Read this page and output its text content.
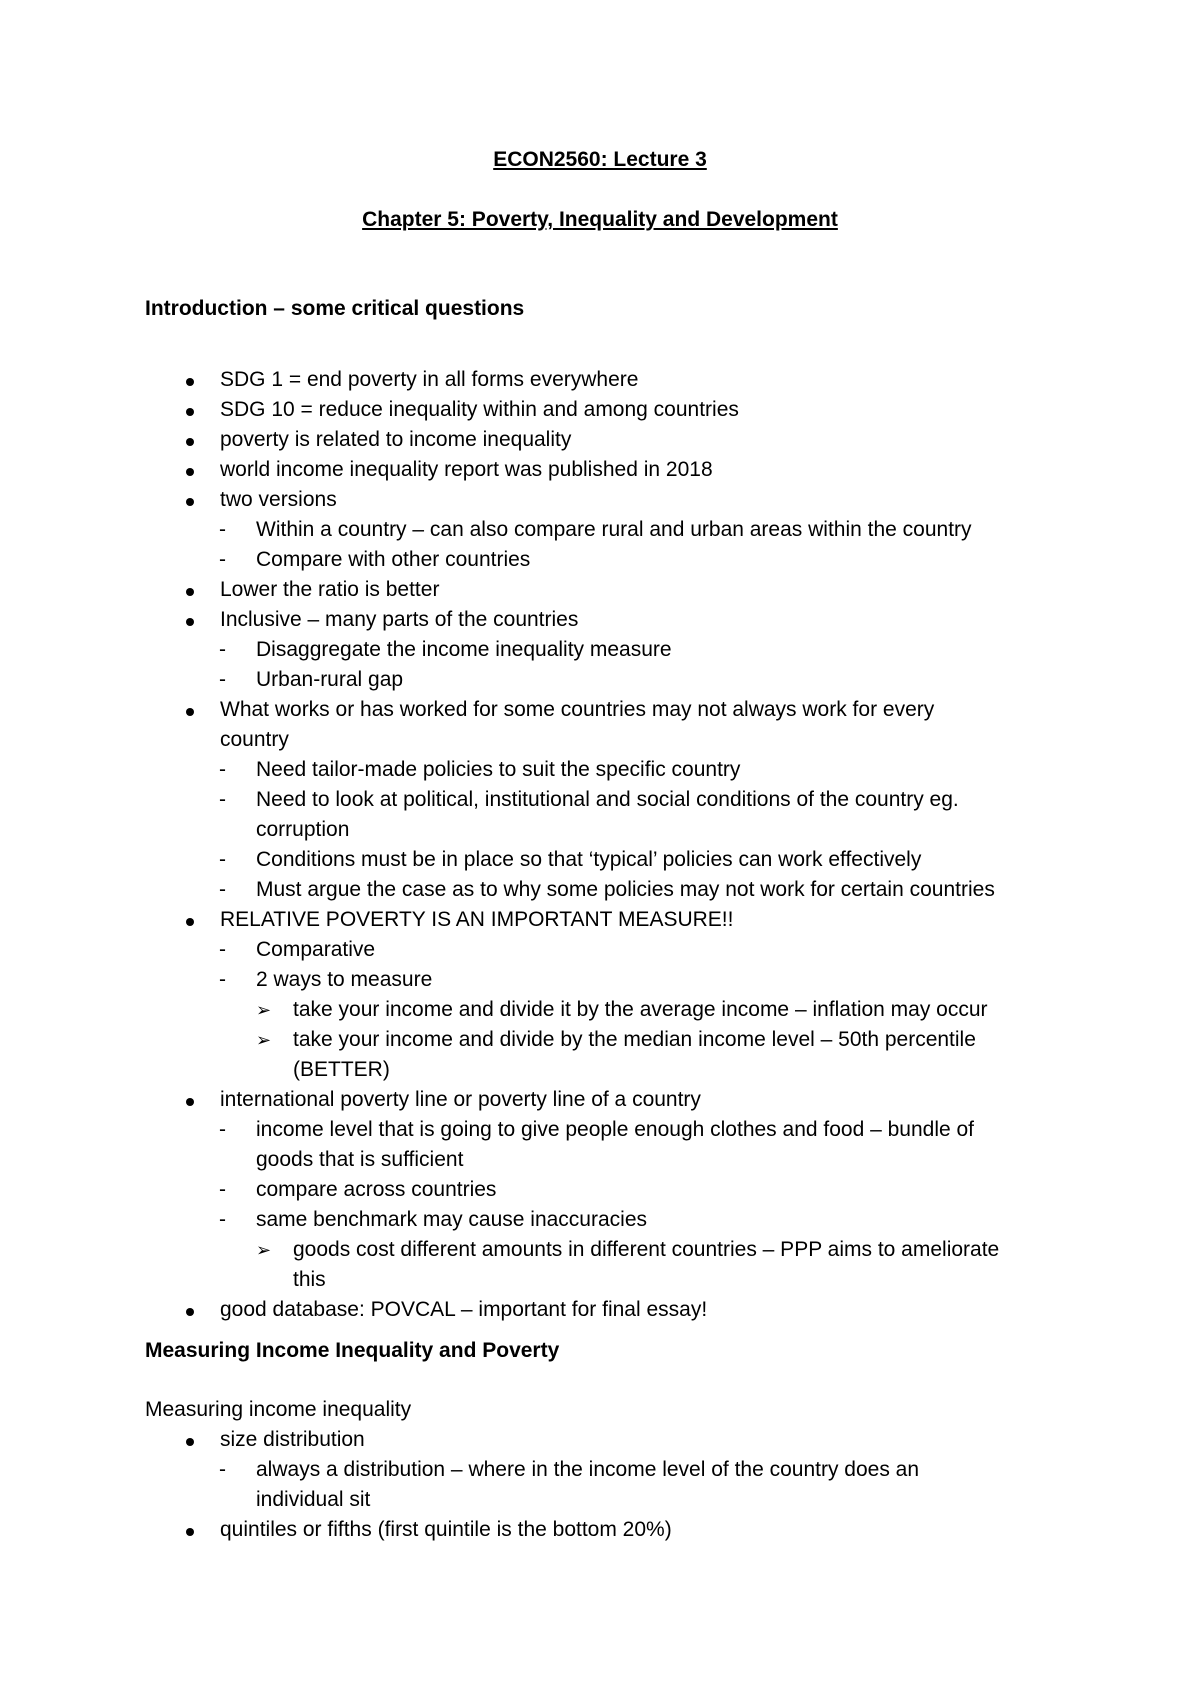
ECON2560: Lecture 3
Chapter 5: Poverty, Inequality and Development
Introduction – some critical questions
SDG 1 = end poverty in all forms everywhere
SDG 10 = reduce inequality within and among countries
poverty is related to income inequality
world income inequality report was published in 2018
two versions
- Within a country – can also compare rural and urban areas within the country
- Compare with other countries
Lower the ratio is better
Inclusive – many parts of the countries
- Disaggregate the income inequality measure
- Urban-rural gap
What works or has worked for some countries may not always work for every
country
- Need tailor-made policies to suit the specific country
- Need to look at political, institutional and social conditions of the country eg.
corruption
- Conditions must be in place so that ‘typical’ policies can work effectively
- Must argue the case as to why some policies may not work for certain countries
RELATIVE POVERTY IS AN IMPORTANT MEASURE!!
- Comparative
- 2 ways to measure
➢ take your income and divide it by the average income – inflation may occur
➢ take your income and divide by the median income level – 50th percentile
(BETTER)
international poverty line or poverty line of a country
- income level that is going to give people enough clothes and food – bundle of
goods that is sufficient
- compare across countries
- same benchmark may cause inaccuracies
➢ goods cost different amounts in different countries – PPP aims to ameliorate
this
good database: POVCAL – important for final essay!
Measuring Income Inequality and Poverty
Measuring income inequality
size distribution
- always a distribution – where in the income level of the country does an
individual sit
quintiles or fifths (first quintile is the bottom 20%)
